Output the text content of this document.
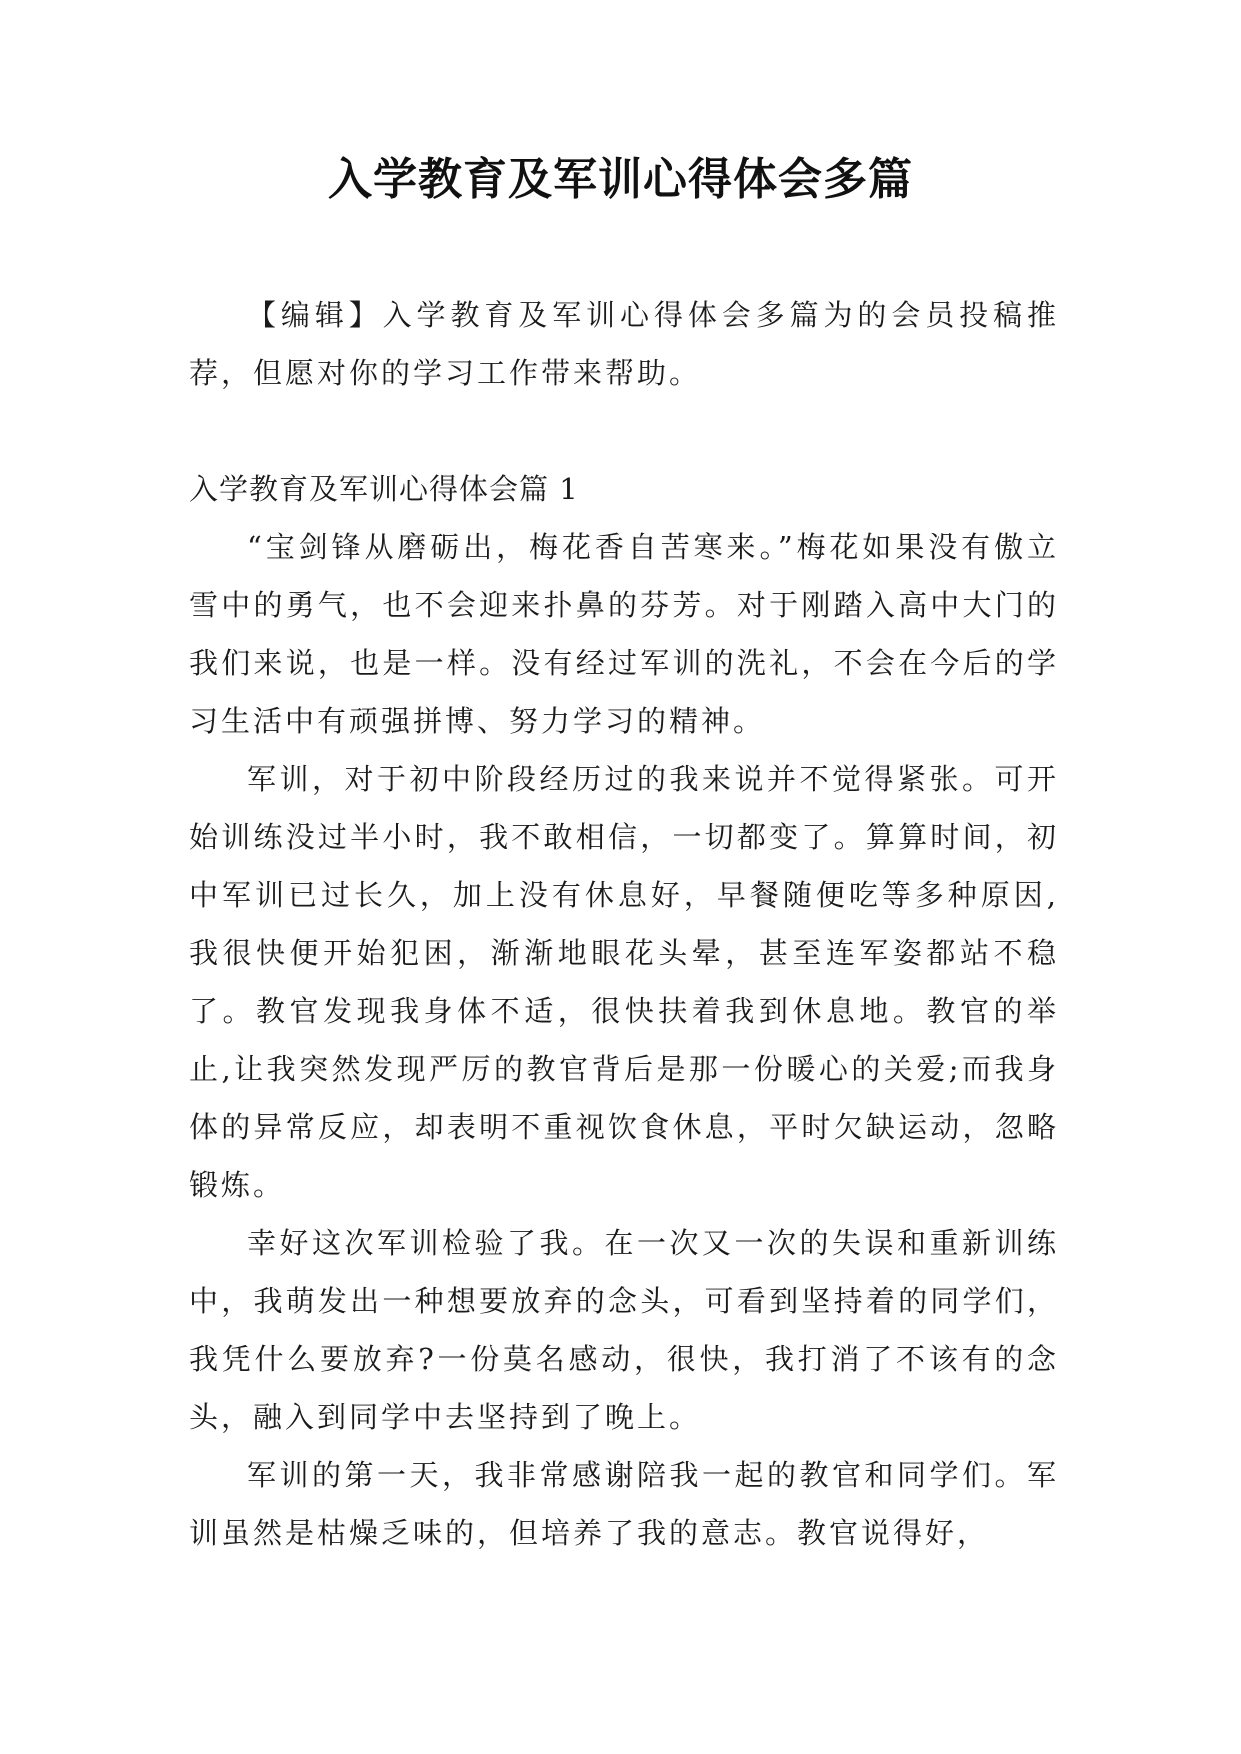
入学教育及军训心得体会多篇

【编辑】入学教育及军训心得体会多篇为的会员投稿推荐，但愿对你的学习工作带来帮助。

入学教育及军训心得体会篇 1

“宝剑锋从磨砺出，梅花香自苦寒来。”梅花如果没有傲立雪中的勇气，也不会迎来扑鼻的芬芳。对于刚踏入高中大门的我们来说，也是一样。没有经过军训的洗礼，不会在今后的学习生活中有顽强拼博、努力学习的精神。

军训，对于初中阶段经历过的我来说并不觉得紧张。可开始训练没过半小时，我不敢相信，一切都变了。算算时间，初中军训已过长久，加上没有休息好，早餐随便吃等多种原因,我很快便开始犯困，渐渐地眼花头晕，甚至连军姿都站不稳了。教官发现我身体不适，很快扶着我到休息地。教官的举止,让我突然发现严厉的教官背后是那一份暖心的关爱;而我身体的异常反应，却表明不重视饮食休息，平时欠缺运动，忽略锻炼。

幸好这次军训检验了我。在一次又一次的失误和重新训练中，我萌发出一种想要放弃的念头，可看到坚持着的同学们，我凭什么要放弃?一份莫名感动，很快，我打消了不该有的念头，融入到同学中去坚持到了晚上。

军训的第一天，我非常感谢陪我一起的教官和同学们。军训虽然是枯燥乏味的，但培养了我的意志。教官说得好，
